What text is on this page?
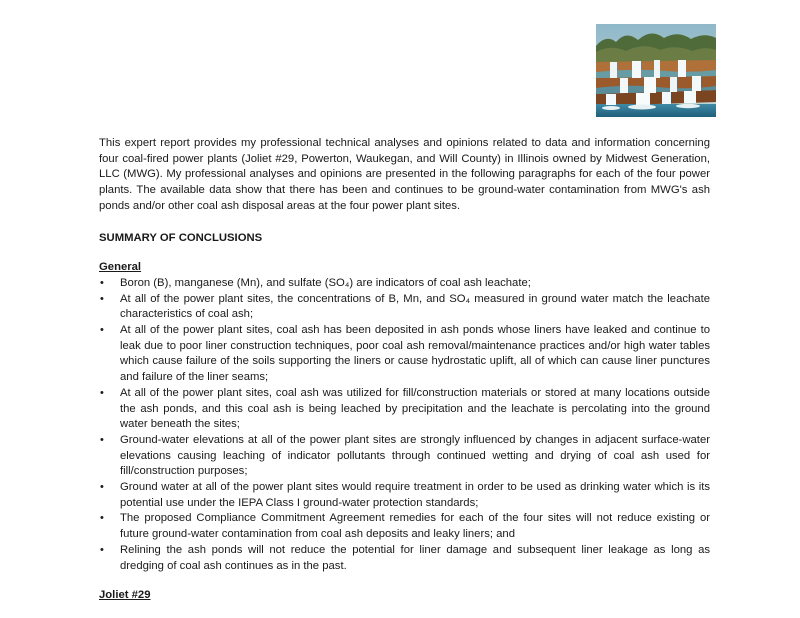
This expert report provides my professional technical analyses and opinions related to data and information concerning four coal-fired power plants (Joliet #29, Powerton, Waukegan, and Will County) in Illinois owned by Midwest Generation, LLC (MWG). My professional analyses and opinions are presented in the following paragraphs for each of the four power plants. The available data show that there has been and continues to be ground-water contamination from MWG's ash ponds and/or other coal ash disposal areas at the four power plant sites.

SUMMARY OF CONCLUSIONS
General
• Boron (B), manganese (Mn), and sulfate (SO₄) are indicators of coal ash leachate;
• At all of the power plant sites, the concentrations of B, Mn, and SO₄ measured in ground water match the leachate characteristics of coal ash;
• At all of the power plant sites, coal ash has been deposited in ash ponds whose liners have leaked and continue to leak due to poor liner construction techniques, poor coal ash removal/maintenance practices and/or high water tables which cause failure of the soils supporting the liners or cause hydrostatic uplift, all of which can cause liner punctures and failure of the liner seams;
• At all of the power plant sites, coal ash was utilized for fill/construction materials or stored at many locations outside the ash ponds, and this coal ash is being leached by precipitation and the leachate is percolating into the ground water beneath the sites;
• Ground-water elevations at all of the power plant sites are strongly influenced by changes in adjacent surface-water elevations causing leaching of indicator pollutants through continued wetting and drying of coal ash used for fill/construction purposes;
• Ground water at all of the power plant sites would require treatment in order to be used as drinking water which is its potential use under the IEPA Class I ground-water protection standards;
• The proposed Compliance Commitment Agreement remedies for each of the four sites will not reduce existing or future ground-water contamination from coal ash deposits and leaky liners; and
• Relining the ash ponds will not reduce the potential for liner damage and subsequent liner leakage as long as dredging of coal ash continues as in the past.
Joliet #29
